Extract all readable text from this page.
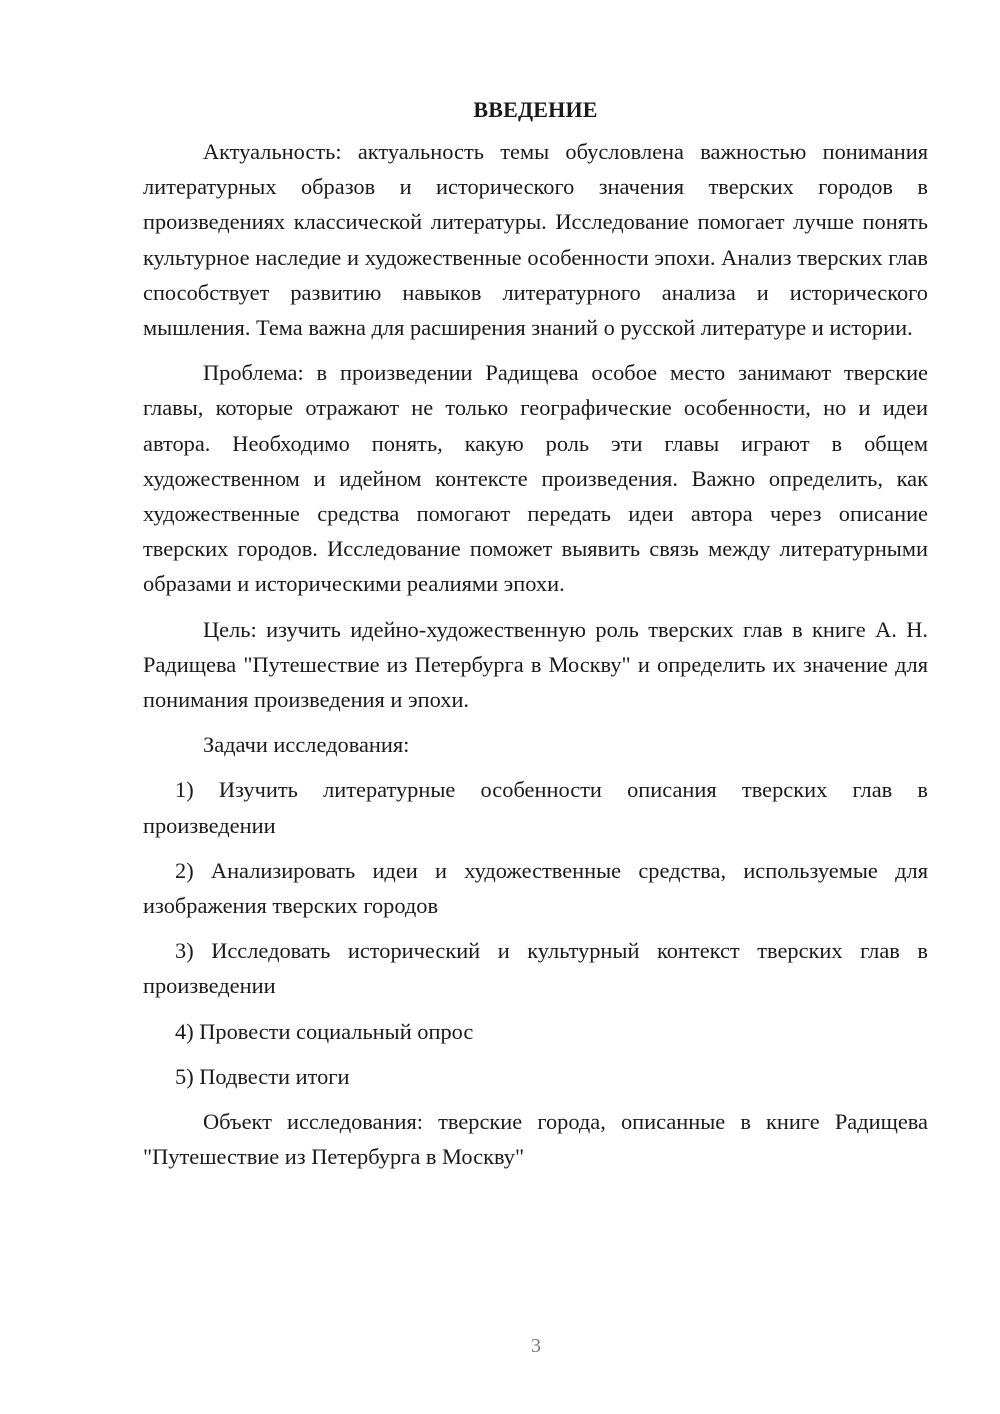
ВВЕДЕНИЕ

Актуальность: актуальность темы обусловлена важностью понимания литературных образов и исторического значения тверских городов в произведениях классической литературы. Исследование помогает лучше понять культурное наследие и художественные особенности эпохи. Анализ тверских глав способствует развитию навыков литературного анализа и исторического мышления. Тема важна для расширения знаний о русской литературе и истории.

Проблема: в произведении Радищева особое место занимают тверские главы, которые отражают не только географические особенности, но и идеи автора. Необходимо понять, какую роль эти главы играют в общем художественном и идейном контексте произведения. Важно определить, как художественные средства помогают передать идеи автора через описание тверских городов. Исследование поможет выявить связь между литературными образами и историческими реалиями эпохи.

Цель: изучить идейно-художественную роль тверских глав в книге А. Н. Радищева "Путешествие из Петербурга в Москву" и определить их значение для понимания произведения и эпохи.

Задачи исследования:

1) Изучить литературные особенности описания тверских глав в произведении

2) Анализировать идеи и художественные средства, используемые для изображения тверских городов

3) Исследовать исторический и культурный контекст тверских глав в произведении

4) Провести социальный опрос

5) Подвести итоги

Объект исследования: тверские города, описанные в книге Радищева "Путешествие из Петербурга в Москву"

3
